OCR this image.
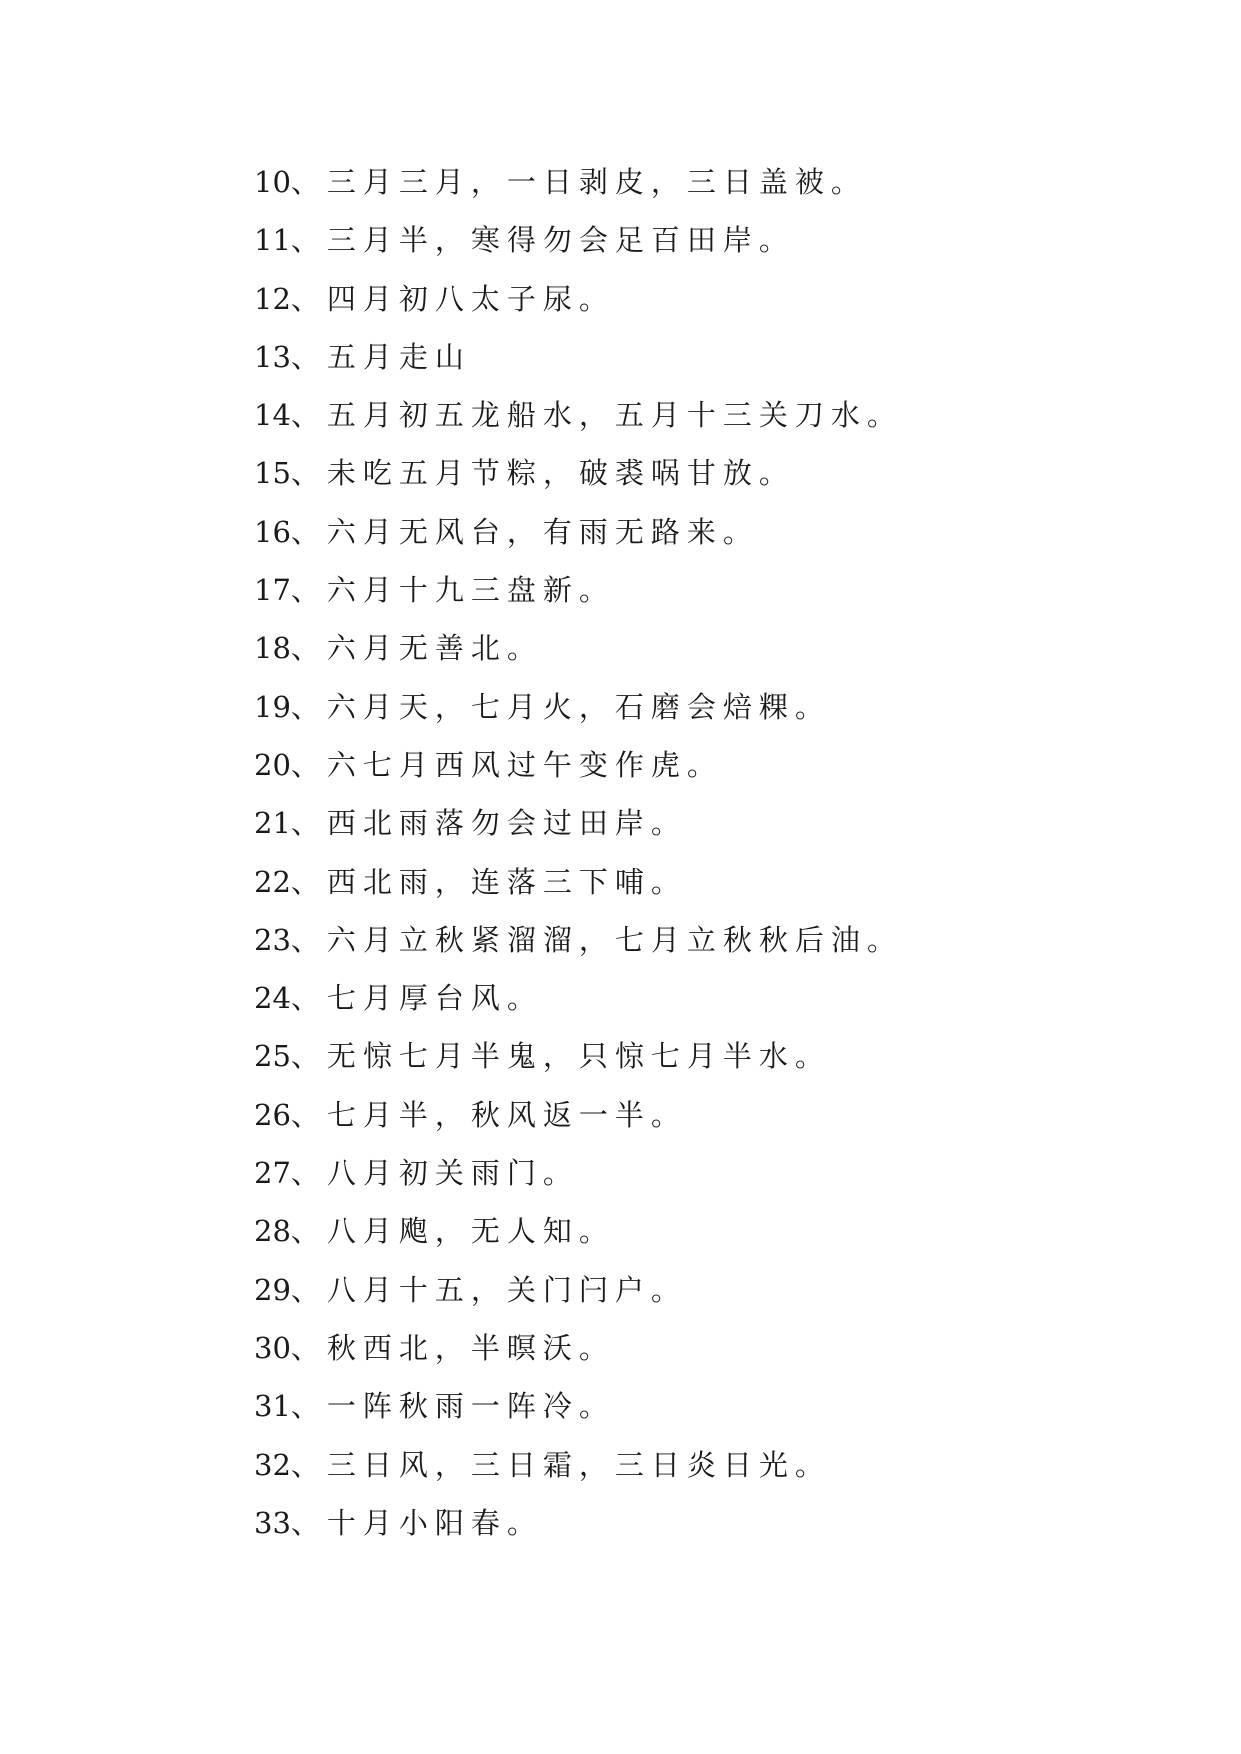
10、三月三月，一日剥皮，三日盖被。
11、三月半，寒得勿会足百田岸。
12、四月初八太子尿。
13、五月走山
14、五月初五龙船水，五月十三关刀水。
15、未吃五月节粽，破裘㖞甘放。
16、六月无风台，有雨无路来。
17、六月十九三盘新。
18、六月无善北。
19、六月天，七月火，石磨会焙粿。
20、六七月西风过午变作虎。
21、西北雨落勿会过田岸。
22、西北雨，连落三下哺。
23、六月立秋紧溜溜，七月立秋秋后油。
24、七月厚台风。
25、无惊七月半鬼，只惊七月半水。
26、七月半，秋风返一半。
27、八月初关雨门。
28、八月飑，无人知。
29、八月十五，关门闩户。
30、秋西北，半暝沃。
31、一阵秋雨一阵冷。
32、三日风，三日霜，三日炎日光。
33、十月小阳春。
